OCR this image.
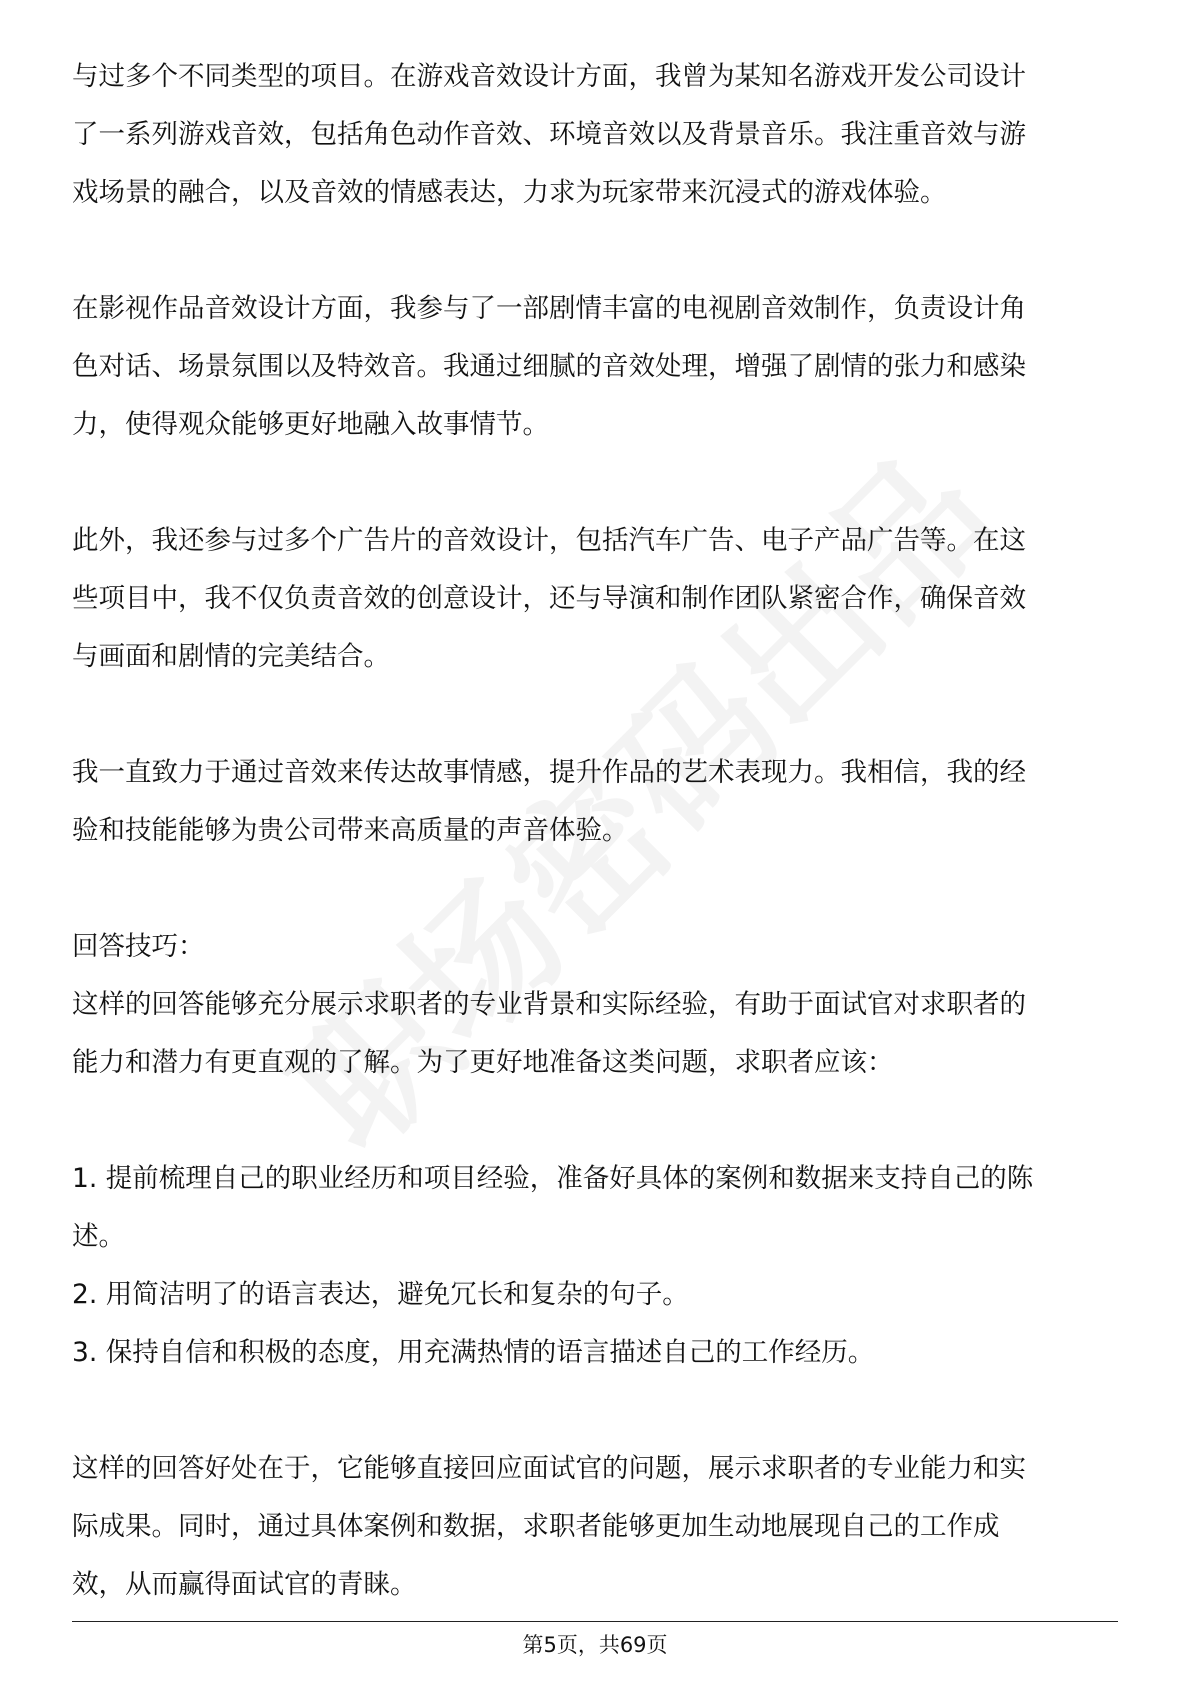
与过多个不同类型的项目。在游戏音效设计方面，我曾为某知名游戏开发公司设计
了一系列游戏音效，包括角色动作音效、环境音效以及背景音乐。我注重音效与游
戏场景的融合，以及音效的情感表达，力求为玩家带来沉浸式的游戏体验。

在影视作品音效设计方面，我参与了一部剧情丰富的电视剧音效制作，负责设计角
色对话、场景氛围以及特效音。我通过细腻的音效处理，增强了剧情的张力和感染
力，使得观众能够更好地融入故事情节。

此外，我还参与过多个广告片的音效设计，包括汽车广告、电子产品广告等。在这
些项目中，我不仅负责音效的创意设计，还与导演和制作团队紧密合作，确保音效
与画面和剧情的完美结合。

我一直致力于通过音效来传达故事情感，提升作品的艺术表现力。我相信，我的经
验和技能能够为贵公司带来高质量的声音体验。

回答技巧：

这样的回答能够充分展示求职者的专业背景和实际经验，有助于面试官对求职者的
能力和潜力有更直观的了解。为了更好地准备这类问题，求职者应该：

1. 提前梳理自己的职业经历和项目经验，准备好具体的案例和数据来支持自己的陈
述。

2. 用简洁明了的语言表达，避免冗长和复杂的句子。

3. 保持自信和积极的态度，用充满热情的语言描述自己的工作经历。

这样的回答好处在于，它能够直接回应面试官的问题，展示求职者的专业能力和实
际成果。同时，通过具体案例和数据，求职者能够更加生动地展现自己的工作成
效，从而赢得面试官的青睐。

第5页，共69页
